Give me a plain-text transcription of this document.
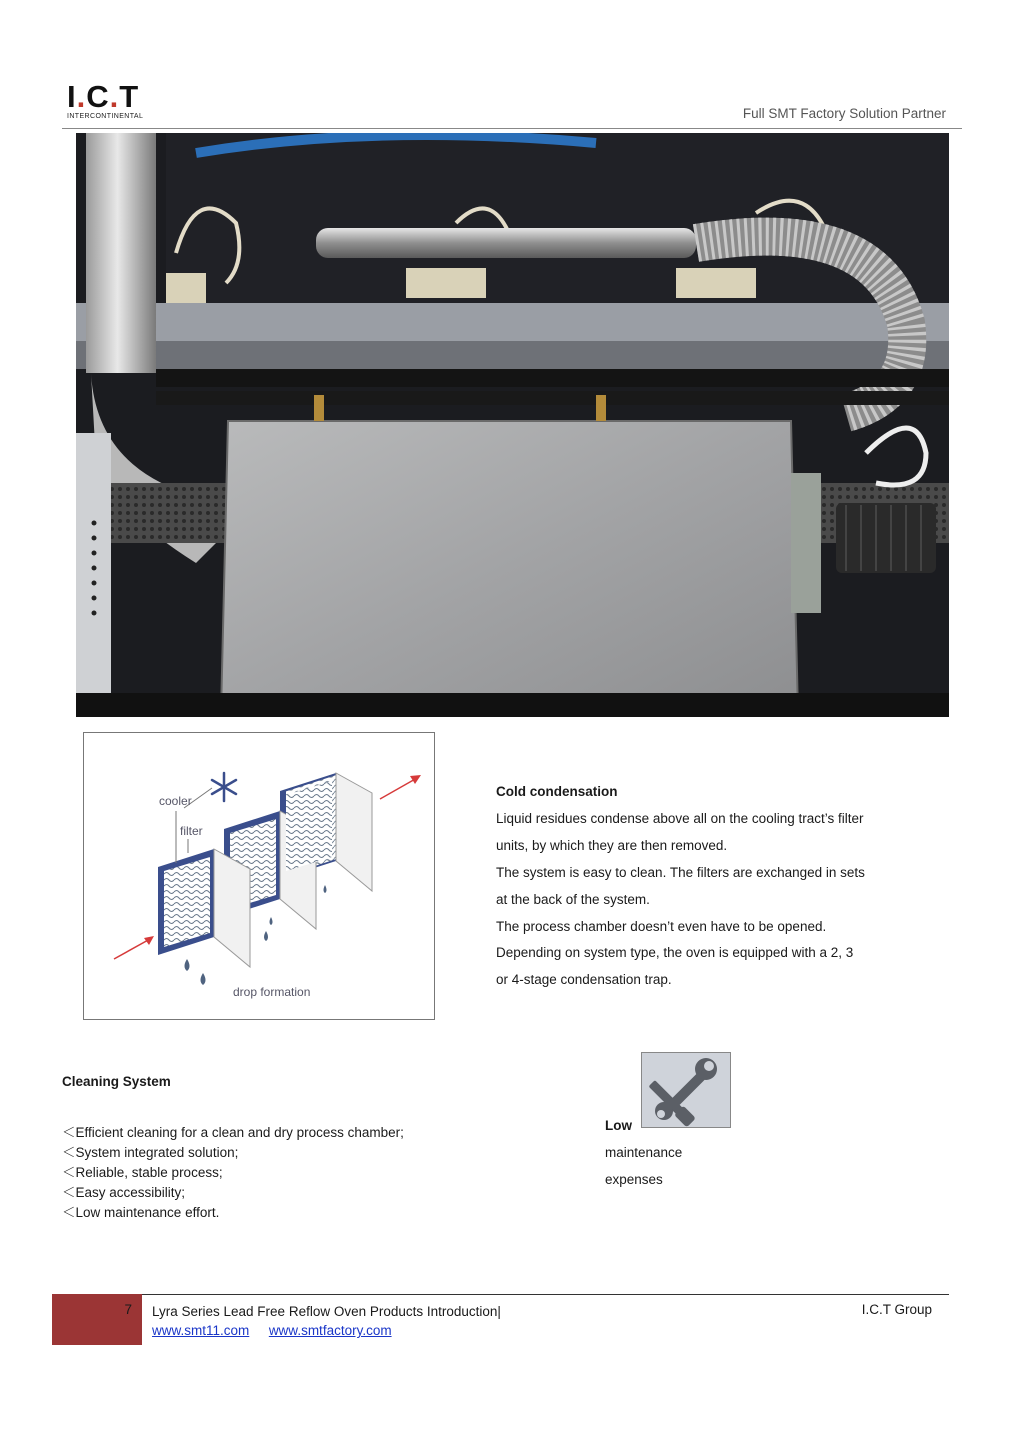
I.C.T
INTERCONTINENTAL	Full SMT Factory Solution Partner
cooler
filter
drop formation
Cold condensation
Liquid residues condense above all on the cooling tract’s filter
units, by which they are then removed.
The system is easy to clean. The filters are exchanged in sets
at the back of the system.
The process chamber doesn’t even have to be opened.
Depending on system type, the oven is equipped with a 2, 3
or 4-stage condensation trap.
Cleaning System
＜Efficient cleaning for a clean and dry process chamber;
＜System integrated solution;
＜Reliable, stable process;
＜Easy accessibility;
＜Low maintenance effort.
Low
maintenance
expenses
7 Lyra Series Lead Free Reflow Oven Products Introduction|
www.smt11.com www.smtfactory.com
I.C.T Group
